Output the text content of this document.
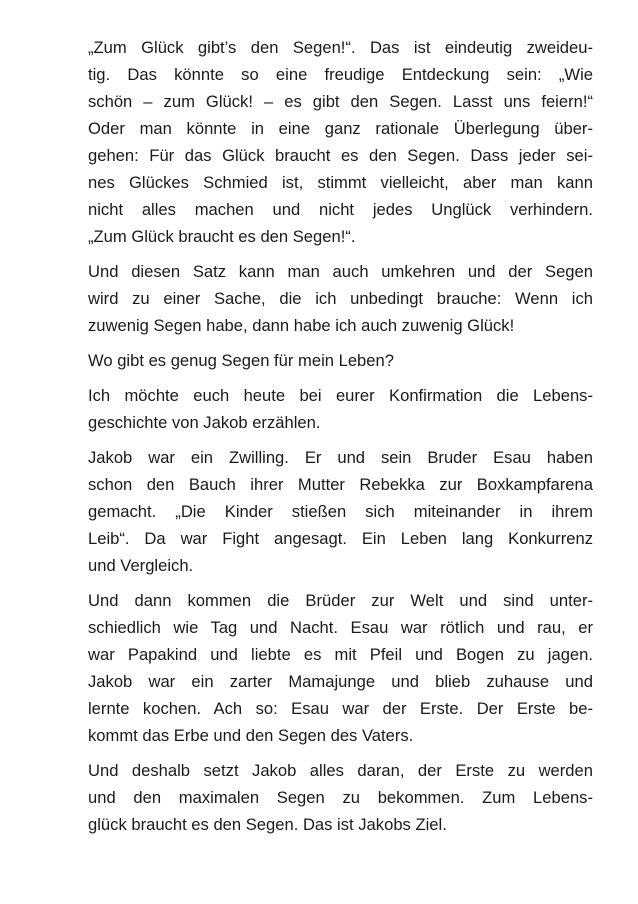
„Zum Glück gibt’s den Segen!“. Das ist eindeutig zweideu-
tig. Das könnte so eine freudige Entdeckung sein: „Wie
schön – zum Glück! – es gibt den Segen. Lasst uns feiern!“
Oder man könnte in eine ganz rationale Überlegung über-
gehen: Für das Glück braucht es den Segen. Dass jeder sei-
nes Glückes Schmied ist, stimmt vielleicht, aber man kann
nicht alles machen und nicht jedes Unglück verhindern.
„Zum Glück braucht es den Segen!“.

Und diesen Satz kann man auch umkehren und der Segen
wird zu einer Sache, die ich unbedingt brauche: Wenn ich
zuwenig Segen habe, dann habe ich auch zuwenig Glück!

Wo gibt es genug Segen für mein Leben?

Ich möchte euch heute bei eurer Konfirmation die Lebens-
geschichte von Jakob erzählen.

Jakob war ein Zwilling. Er und sein Bruder Esau haben
schon den Bauch ihrer Mutter Rebekka zur Boxkampfarena
gemacht. „Die Kinder stießen sich miteinander in ihrem
Leib“. Da war Fight angesagt. Ein Leben lang Konkurrenz
und Vergleich.

Und dann kommen die Brüder zur Welt und sind unter-
schiedlich wie Tag und Nacht. Esau war rötlich und rau, er
war Papakind und liebte es mit Pfeil und Bogen zu jagen.
Jakob war ein zarter Mamajunge und blieb zuhause und
lernte kochen. Ach so: Esau war der Erste. Der Erste be-
kommt das Erbe und den Segen des Vaters.

Und deshalb setzt Jakob alles daran, der Erste zu werden
und den maximalen Segen zu bekommen. Zum Lebens-
glück braucht es den Segen. Das ist Jakobs Ziel.
